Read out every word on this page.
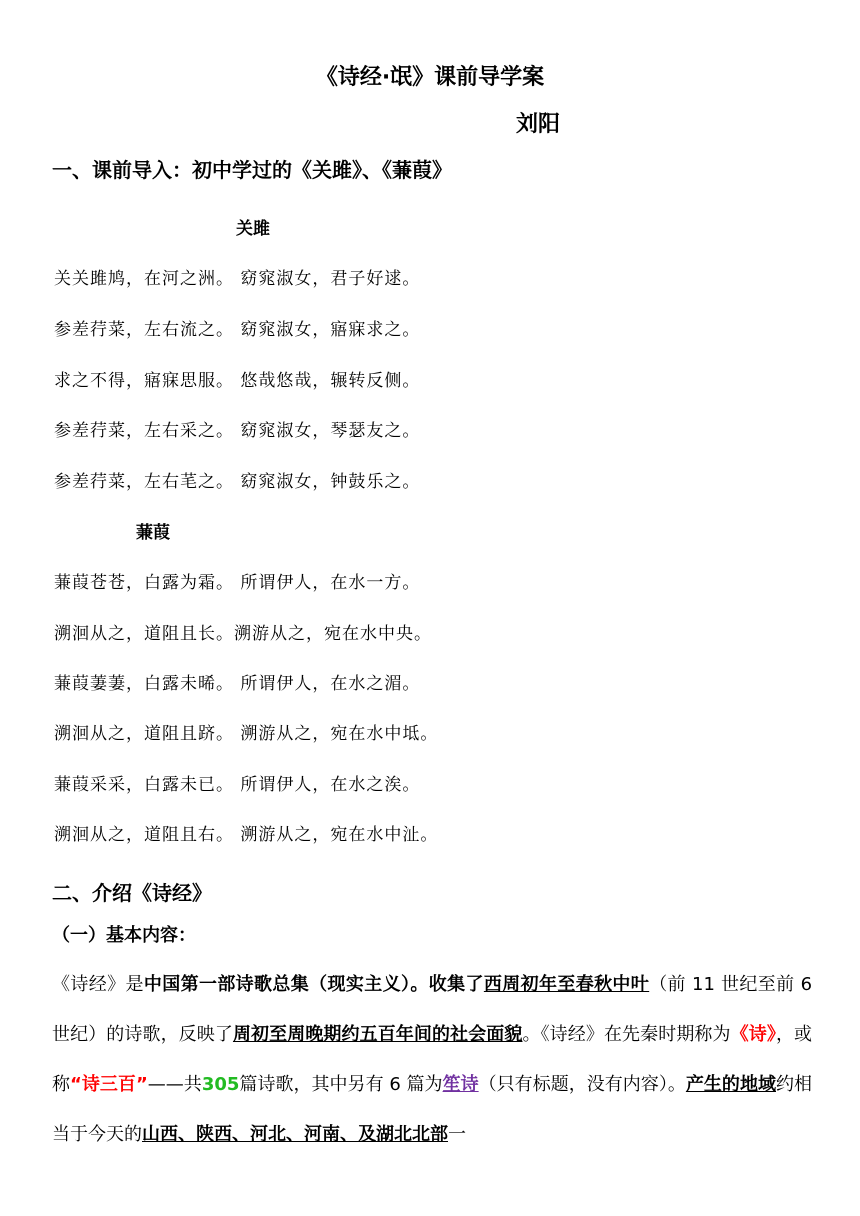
《诗经·氓》课前导学案
刘阳
一、课前导入：初中学过的《关雎》、《蒹葭》
关雎
关关雎鸠，在河之洲。 窈窕淑女，君子好逑。
参差荇菜，左右流之。 窈窕淑女，寤寐求之。
求之不得，寤寐思服。 悠哉悠哉，辗转反侧。
参差荇菜，左右采之。 窈窕淑女，琴瑟友之。
参差荇菜，左右芼之。 窈窕淑女，钟鼓乐之。
蒹葭
蒹葭苍苍，白露为霜。 所谓伊人，在水一方。
溯洄从之，道阻且长。溯游从之，宛在水中央。
蒹葭萋萋，白露未晞。 所谓伊人，在水之湄。
溯洄从之，道阻且跻。 溯游从之，宛在水中坻。
蒹葭采采，白露未已。 所谓伊人，在水之涘。
溯洄从之，道阻且右。 溯游从之，宛在水中沚。
二、介绍《诗经》
（一）基本内容：
《诗经》是中国第一部诗歌总集（现实主义）。收集了西周初年至春秋中叶（前 11 世纪至前 6 世纪）的诗歌，反映了周初至周晚期约五百年间的社会面貌。《诗经》在先秦时期称为《诗》，或称“诗三百”——共305篇诗歌，其中另有 6 篇为笙诗（只有标题，没有内容）。产生的地域约相当于今天的山西、陕西、河北、河南、及湖北北部一
